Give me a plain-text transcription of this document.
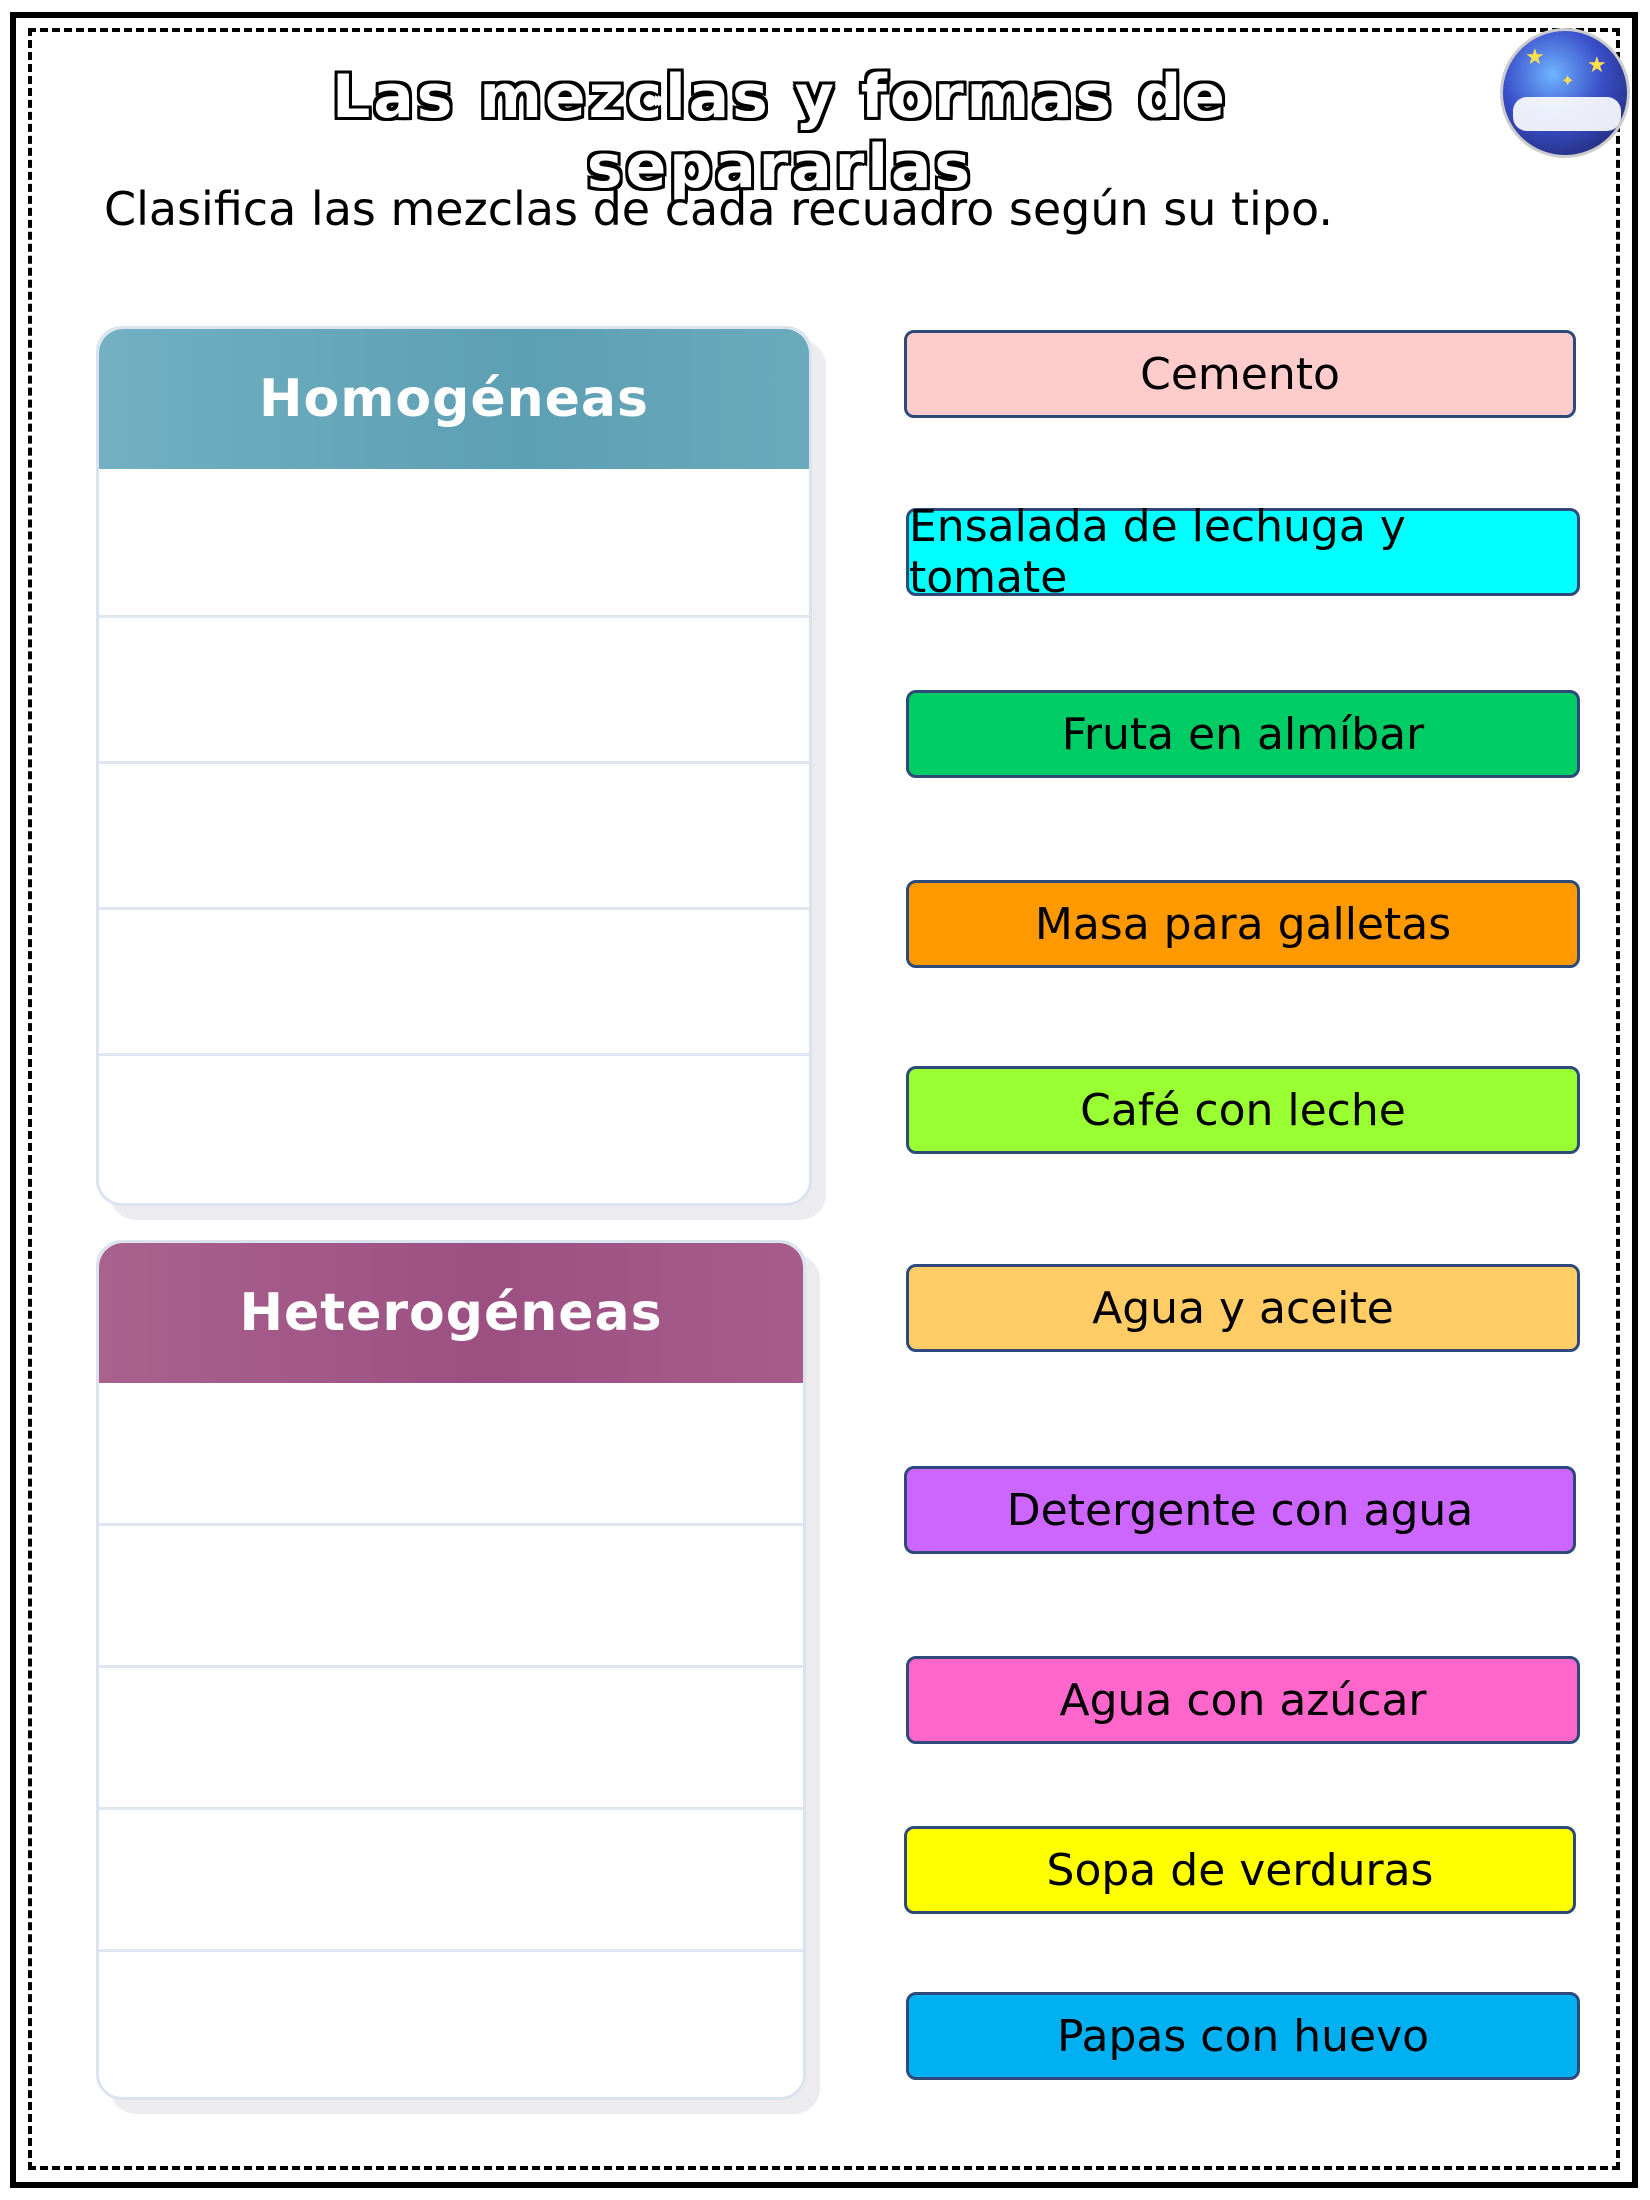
Las mezclas y formas de separarlas
★ ★
✦
Clasifica las mezclas de cada recuadro según su tipo.
Homogéneas
Heterogéneas
Cemento
Ensalada de lechuga y tomate
Fruta en almíbar
Masa para galletas
Café con leche
Agua y aceite
Detergente con agua
Agua con azúcar
Sopa de verduras
Papas con huevo
